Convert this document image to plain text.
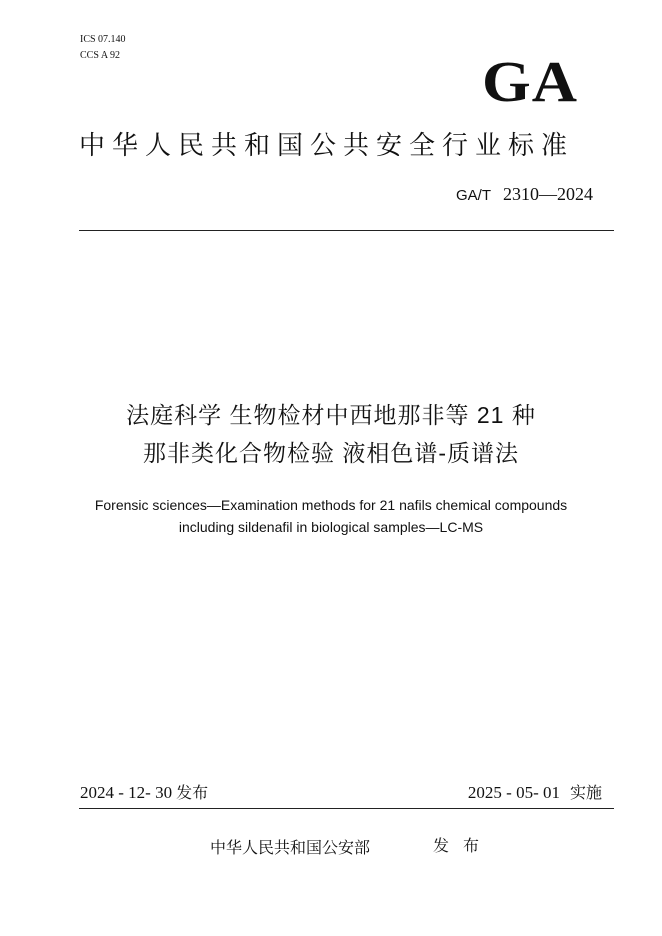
ICS 07.140
CCS A 92	GA
中华人民共和国公共安全行业标准
GA/T 2310—2024
法庭科学 生物检材中西地那非等 21 种
那非类化合物检验 液相色谱-质谱法
Forensic sciences—Examination methods for 21 nafils chemical compounds
including sildenafil in biological samples—LC-MS
2024 - 12- 30 发布	2025 - 05- 01 实施
中华人民共和国公安部	发布
